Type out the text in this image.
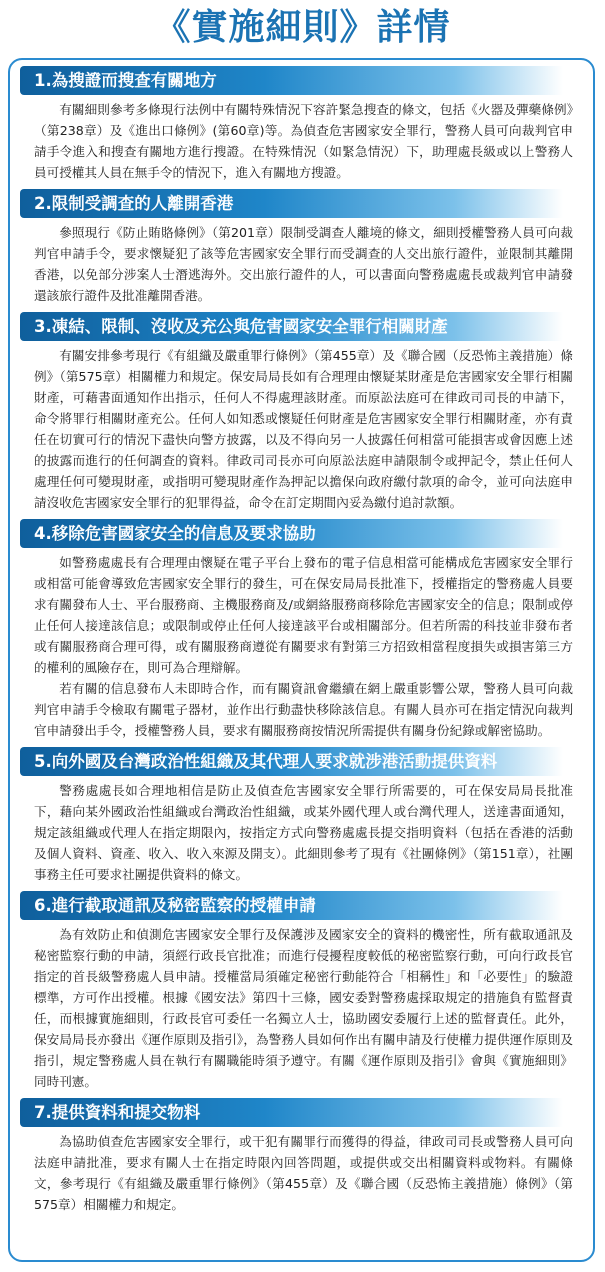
《實施細則》詳情
1.為搜證而搜查有關地方

有關細則參考多條現行法例中有關特殊情況下容許緊急搜查的條文，包括《火器及彈藥條例》（第238章）及《進出口條例》(第60章)等。為偵查危害國家安全罪行，警務人員可向裁判官申請手令進入和搜查有關地方進行搜證。在特殊情況（如緊急情況）下，助理處長級或以上警務人員可授權其人員在無手令的情況下，進入有關地方搜證。

2.限制受調查的人離開香港

參照現行《防止賄賂條例》（第201章）限制受調查人離境的條文，細則授權警務人員可向裁判官申請手令，要求懷疑犯了該等危害國家安全罪行而受調查的人交出旅行證件，並限制其離開香港，以免部分涉案人士潛逃海外。交出旅行證件的人，可以書面向警務處處長或裁判官申請發還該旅行證件及批准離開香港。

3.凍結、限制、沒收及充公與危害國家安全罪行相關財產

有關安排參考現行《有組織及嚴重罪行條例》（第455章）及《聯合國（反恐怖主義措施）條例》（第575章）相關權力和規定。保安局局長如有合理理由懷疑某財產是危害國家安全罪行相關財產，可藉書面通知作出指示，任何人不得處理該財產。而原訟法庭可在律政司司長的申請下，命令將罪行相關財產充公。任何人如知悉或懷疑任何財產是危害國家安全罪行相關財產，亦有責任在切實可行的情況下盡快向警方披露，以及不得向另一人披露任何相當可能損害或會因應上述的披露而進行的任何調查的資料。律政司司長亦可向原訟法庭申請限制令或押記令，禁止任何人處理任何可變現財產，或指明可變現財產作為押記以擔保向政府繳付款項的命令，並可向法庭申請沒收危害國家安全罪行的犯罪得益，命令在訂定期間內妥為繳付追討款額。

4.移除危害國家安全的信息及要求協助

如警務處處長有合理理由懷疑在電子平台上發布的電子信息相當可能構成危害國家安全罪行或相當可能會導致危害國家安全罪行的發生，可在保安局局長批准下，授權指定的警務處人員要求有關發布人士、平台服務商、主機服務商及/或網絡服務商移除危害國家安全的信息；限制或停止任何人接達該信息；或限制或停止任何人接達該平台或相關部分。但若所需的科技並非發布者或有關服務商合理可得，或有關服務商遵從有關要求有對第三方招致相當程度損失或損害第三方的權利的風險存在，則可為合理辯解。

若有關的信息發布人未即時合作，而有關資訊會繼續在網上嚴重影響公眾，警務人員可向裁判官申請手令檢取有關電子器材，並作出行動盡快移除該信息。有關人員亦可在指定情況向裁判官申請發出手令，授權警務人員，要求有關服務商按情況所需提供有關身份紀錄或解密協助。

5.向外國及台灣政治性組織及其代理人要求就涉港活動提供資料

警務處處長如合理地相信是防止及偵查危害國家安全罪行所需要的，可在保安局局長批准下，藉向某外國政治性組織或台灣政治性組織，或某外國代理人或台灣代理人，送達書面通知，規定該組織或代理人在指定期限內，按指定方式向警務處處長提交指明資料（包括在香港的活動及個人資料、資產、收入、收入來源及開支）。此細則參考了現有《社團條例》（第151章），社團事務主任可要求社團提供資料的條文。

6.進行截取通訊及秘密監察的授權申請

為有效防止和偵測危害國家安全罪行及保護涉及國家安全的資料的機密性，所有截取通訊及秘密監察行動的申請，須經行政長官批准；而進行侵擾程度較低的秘密監察行動，可向行政長官指定的首長級警務處人員申請。授權當局須確定秘密行動能符合「相稱性」和「必要性」的驗證標準，方可作出授權。根據《國安法》第四十三條，國安委對警務處採取規定的措施負有監督責任，而根據實施細則，行政長官可委任一名獨立人士，協助國安委履行上述的監督責任。此外，保安局局長亦發出《運作原則及指引》，為警務人員如何作出有關申請及行使權力提供運作原則及指引，規定警務處人員在執行有關職能時須予遵守。有關《運作原則及指引》會與《實施細則》同時刊憲。

7.提供資料和提交物料

為協助偵查危害國家安全罪行，或干犯有關罪行而獲得的得益，律政司司長或警務人員可向法庭申請批准，要求有關人士在指定時限內回答問題，或提供或交出相關資料或物料。有關條文，參考現行《有組織及嚴重罪行條例》（第455章）及《聯合國（反恐怖主義措施）條例》（第575章）相關權力和規定。
